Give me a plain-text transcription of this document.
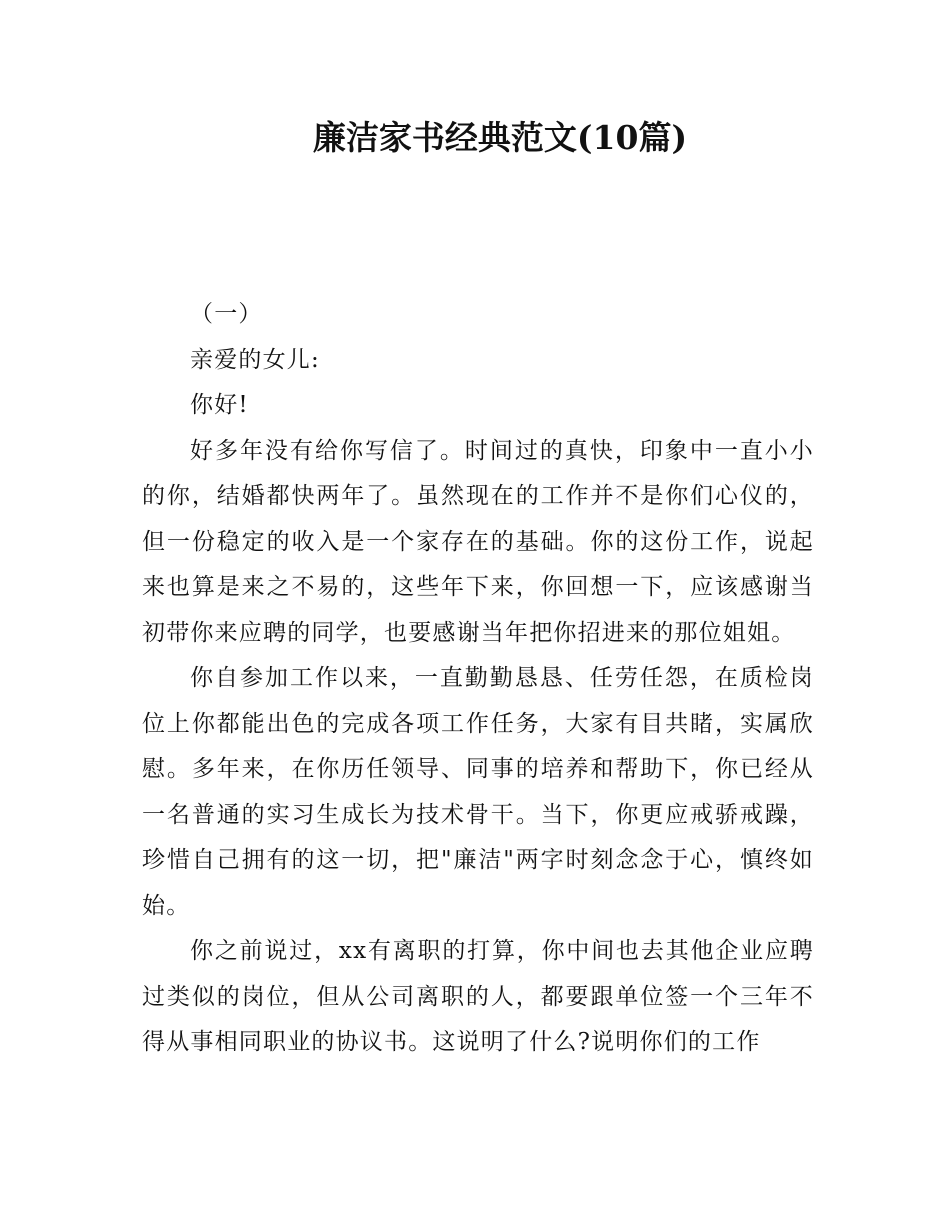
廉洁家书经典范文(10篇)

（一）

亲爱的女儿:

你好!

好多年没有给你写信了。时间过的真快，印象中一直小小的你，结婚都快两年了。虽然现在的工作并不是你们心仪的，但一份稳定的收入是一个家存在的基础。你的这份工作，说起来也算是来之不易的，这些年下来，你回想一下，应该感谢当初带你来应聘的同学，也要感谢当年把你招进来的那位姐姐。

你自参加工作以来，一直勤勤恳恳、任劳任怨，在质检岗位上你都能出色的完成各项工作任务，大家有目共睹，实属欣慰。多年来，在你历任领导、同事的培养和帮助下，你已经从一名普通的实习生成长为技术骨干。当下，你更应戒骄戒躁，珍惜自己拥有的这一切，把"廉洁"两字时刻念念于心，慎终如始。

你之前说过，xx有离职的打算，你中间也去其他企业应聘过类似的岗位，但从公司离职的人，都要跟单位签一个三年不得从事相同职业的协议书。这说明了什么?说明你们的工作
